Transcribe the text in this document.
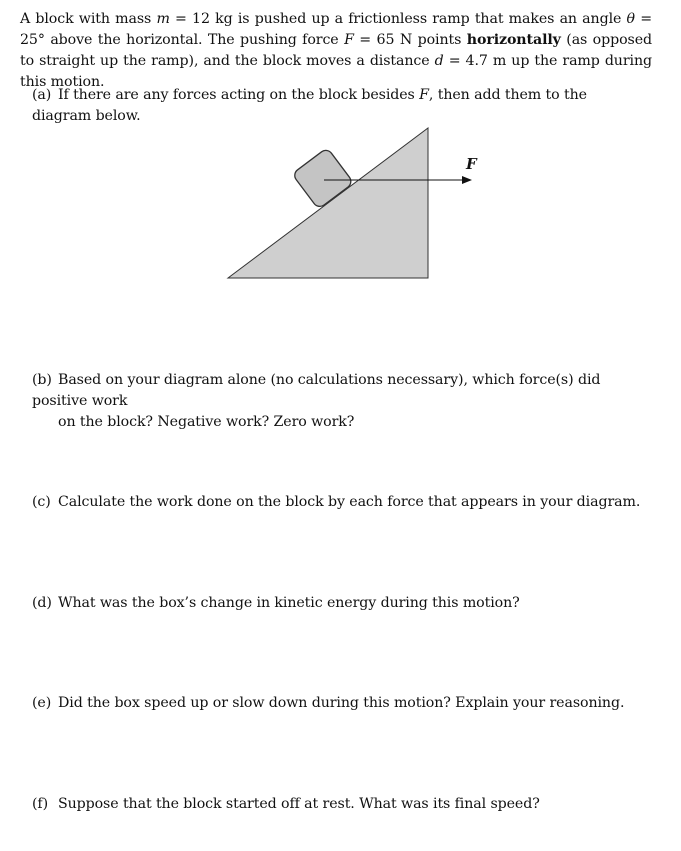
A block with mass m = 12 kg is pushed up a frictionless ramp that makes an angle θ = 25° above the horizontal. The pushing force F = 65 N points horizontally (as opposed to straight up the ramp), and the block moves a distance d = 4.7 m up the ramp during this motion.
(a) If there are any forces acting on the block besides F, then add them to the diagram below.
F
(b) Based on your diagram alone (no calculations necessary), which force(s) did positive work
on the block? Negative work? Zero work?
(c) Calculate the work done on the block by each force that appears in your diagram.
(d) What was the box’s change in kinetic energy during this motion?
(e) Did the box speed up or slow down during this motion? Explain your reasoning.
(f) Suppose that the block started off at rest. What was its final speed?
